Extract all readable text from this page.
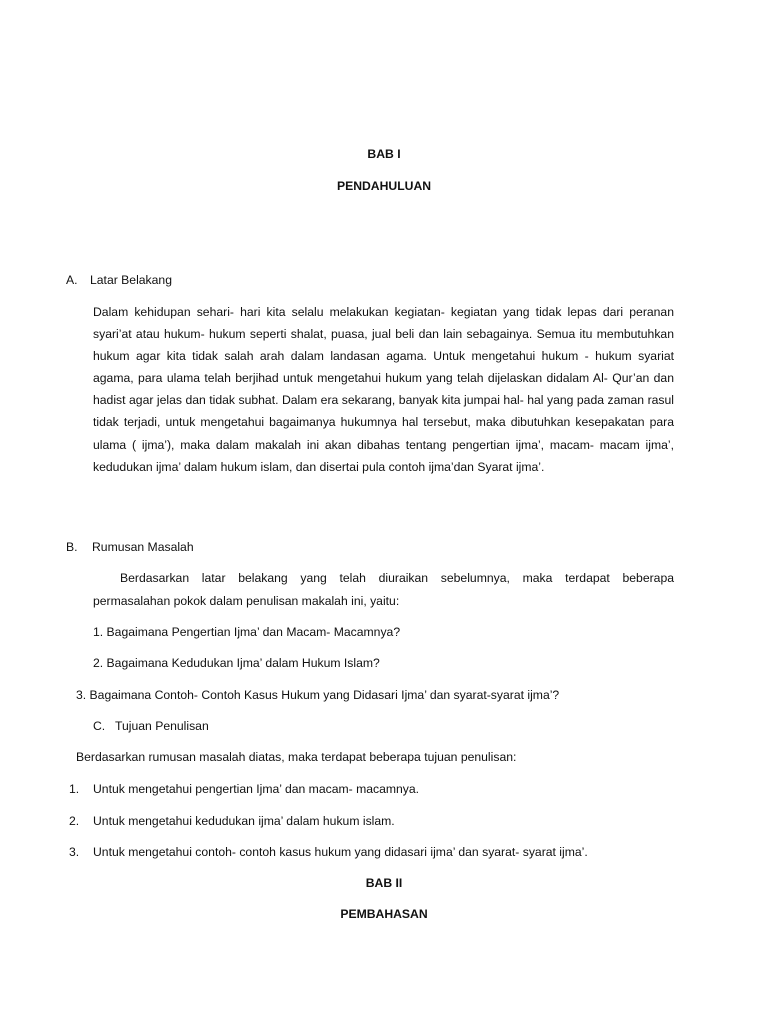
BAB I
PENDAHULUAN
A. Latar Belakang
Dalam kehidupan sehari- hari kita selalu melakukan kegiatan- kegiatan yang tidak lepas dari peranan syari’at atau hukum- hukum seperti shalat, puasa, jual beli dan lain sebagainya. Semua itu membutuhkan hukum agar kita tidak salah arah dalam landasan agama. Untuk mengetahui hukum - hukum syariat agama, para ulama telah berjihad untuk mengetahui hukum yang telah dijelaskan didalam Al- Qur’an dan hadist agar jelas dan tidak subhat. Dalam era sekarang, banyak kita jumpai hal- hal yang pada zaman rasul tidak terjadi, untuk mengetahui bagaimanya hukumnya hal tersebut, maka dibutuhkan kesepakatan para ulama ( ijma’), maka dalam makalah ini akan dibahas tentang pengertian ijma’, macam- macam ijma’, kedudukan ijma’ dalam hukum islam, dan disertai pula contoh ijma’dan Syarat ijma’.
B. Rumusan Masalah
Berdasarkan latar belakang yang telah diuraikan sebelumnya, maka terdapat beberapa
permasalahan pokok dalam penulisan makalah ini, yaitu:
1. Bagaimana Pengertian Ijma’ dan Macam- Macamnya?
2. Bagaimana Kedudukan Ijma’ dalam Hukum Islam?
3. Bagaimana Contoh- Contoh Kasus Hukum yang Didasari Ijma’ dan syarat-syarat ijma’?
C. Tujuan Penulisan
Berdasarkan rumusan masalah diatas, maka terdapat beberapa tujuan penulisan:
1. Untuk mengetahui pengertian Ijma’ dan macam- macamnya.
2. Untuk mengetahui kedudukan ijma’ dalam hukum islam.
3. Untuk mengetahui contoh- contoh kasus hukum yang didasari ijma’ dan syarat- syarat ijma’.
BAB II
PEMBAHASAN
